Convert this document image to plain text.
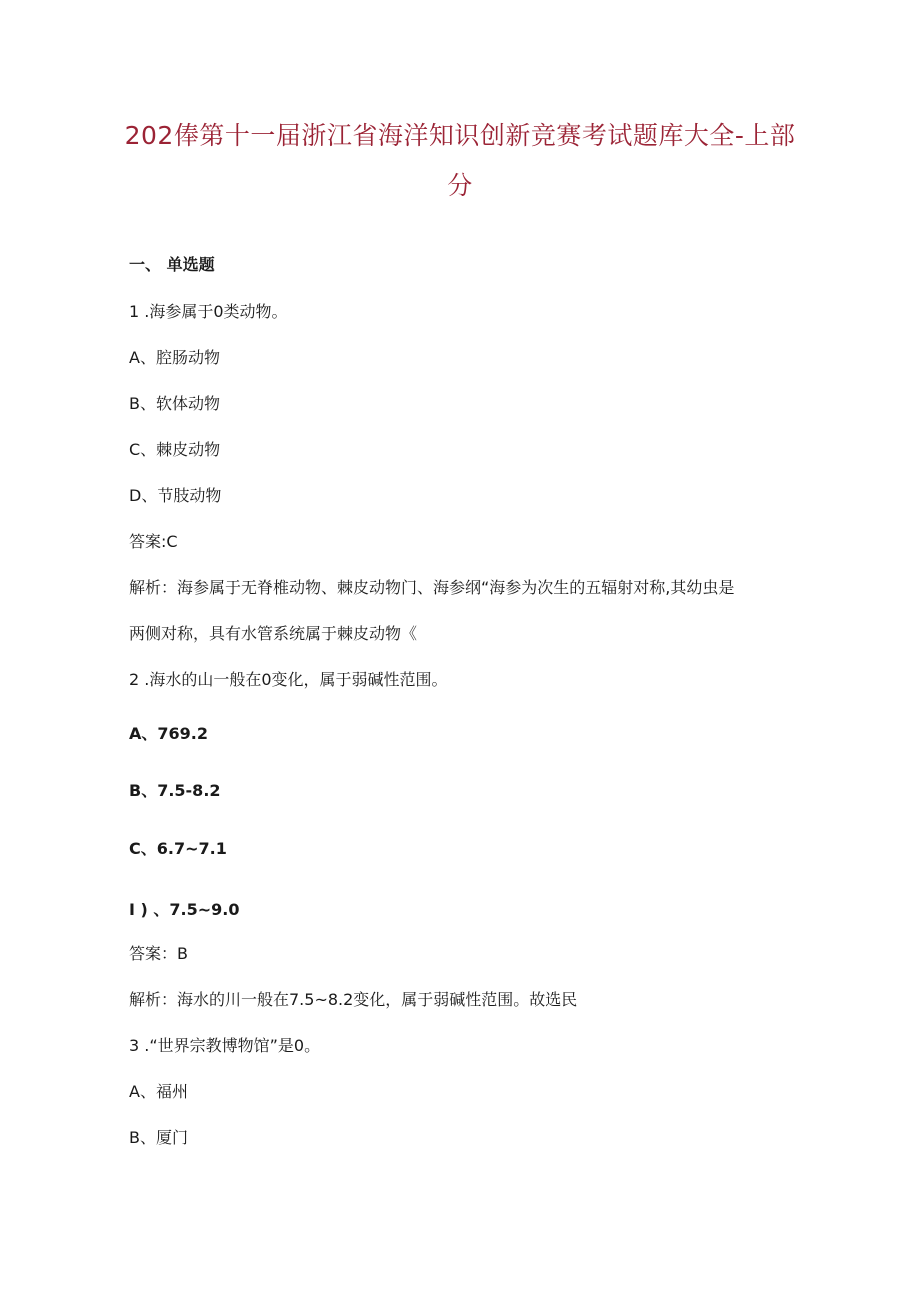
202俸第十一届浙江省海洋知识创新竞赛考试题库大全-上部
分
一、 单选题
1 .海参属于0类动物。
A、腔肠动物
B、软体动物
C、棘皮动物
D、节肢动物
答案:C
解析：海参属于无脊椎动物、棘皮动物门、海参纲“海参为次生的五辐射对称,其幼虫是
两侧对称，具有水管系统属于棘皮动物《
2 .海水的山一般在0变化，属于弱碱性范围。
A、769.2
B、7.5-8.2
C、6.7~7.1
I ) 、7.5~9.0
答案：B
解析：海水的川一般在7.5~8.2变化，属于弱碱性范围。故选民
3 .“世界宗教博物馆”是0。
A、福州
B、厦门
